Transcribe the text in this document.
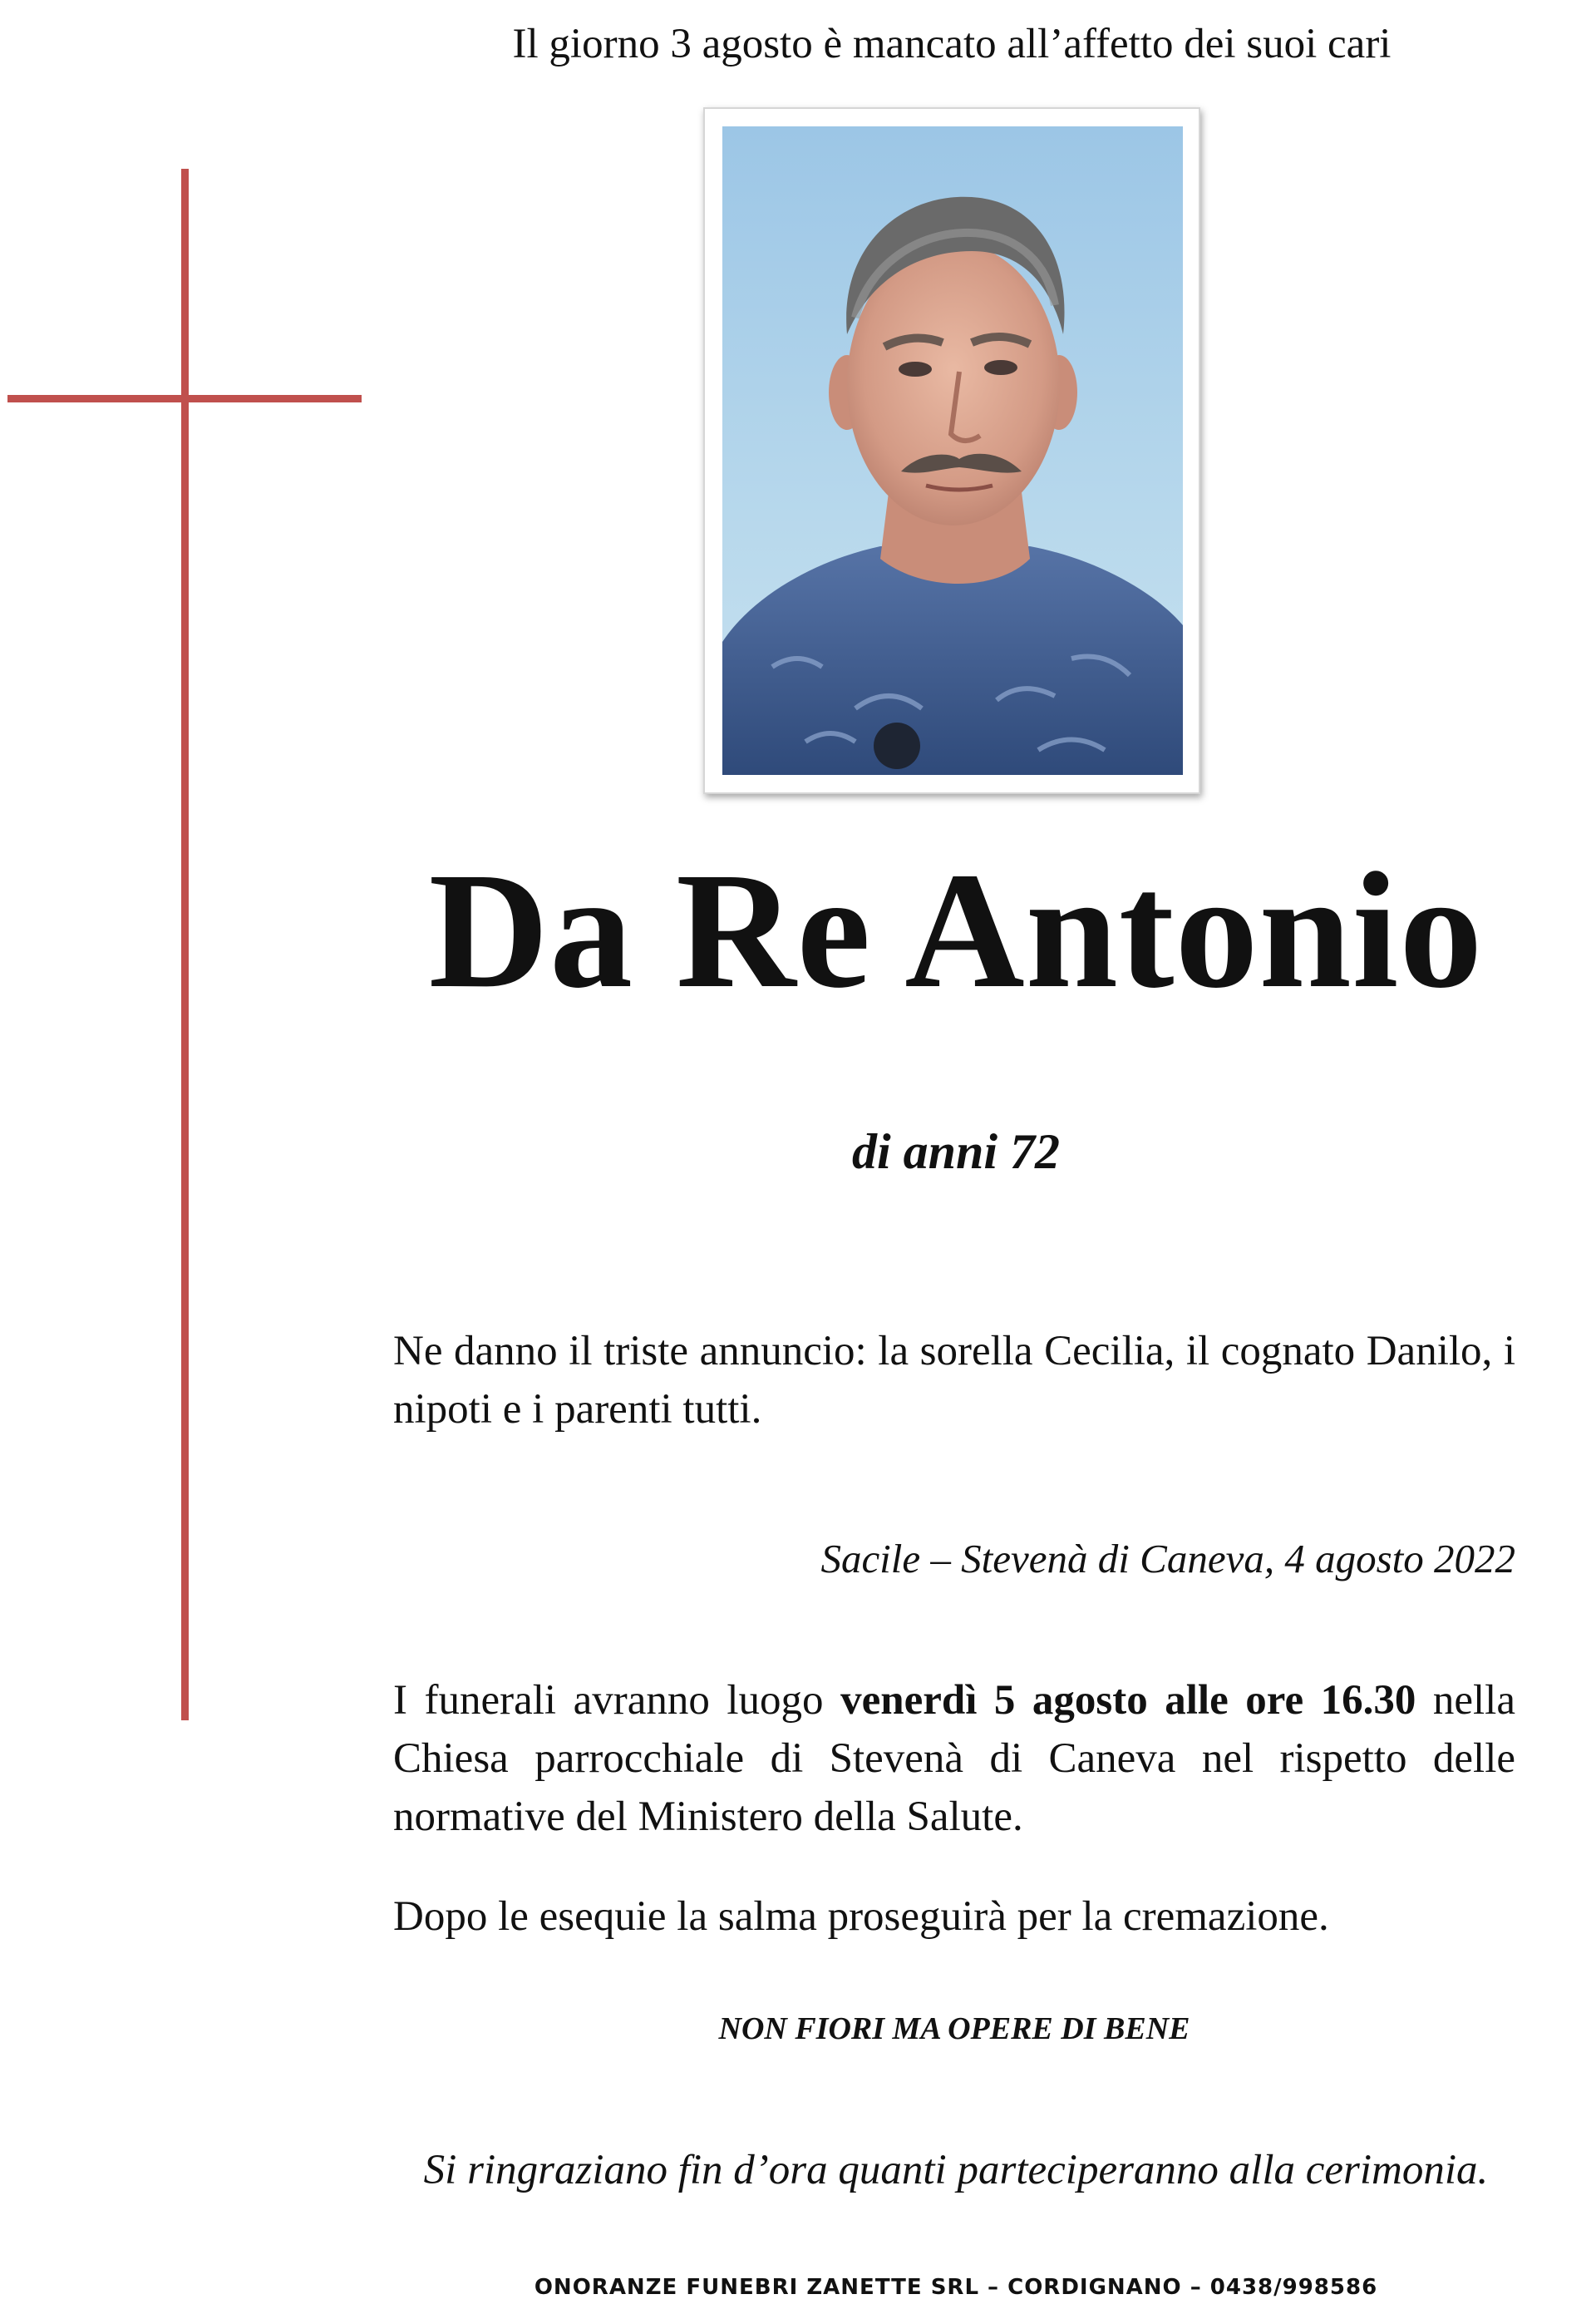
Il giorno 3 agosto è mancato all’affetto dei suoi cari
Da Re Antonio
di anni 72
Ne danno il triste annuncio: la sorella Cecilia, il cognato Danilo, i nipoti e i parenti tutti.
Sacile – Stevenà di Caneva, 4 agosto 2022
I funerali avranno luogo venerdì 5 agosto alle ore 16.30 nella Chiesa parrocchiale di Stevenà di Caneva nel rispetto delle normative del Ministero della Salute.
Dopo le esequie la salma proseguirà per la cremazione.
NON FIORI MA OPERE DI BENE
Si ringraziano fin d’ora quanti parteciperanno alla cerimonia.
ONORANZE FUNEBRI ZANETTE SRL – CORDIGNANO – 0438/998586
